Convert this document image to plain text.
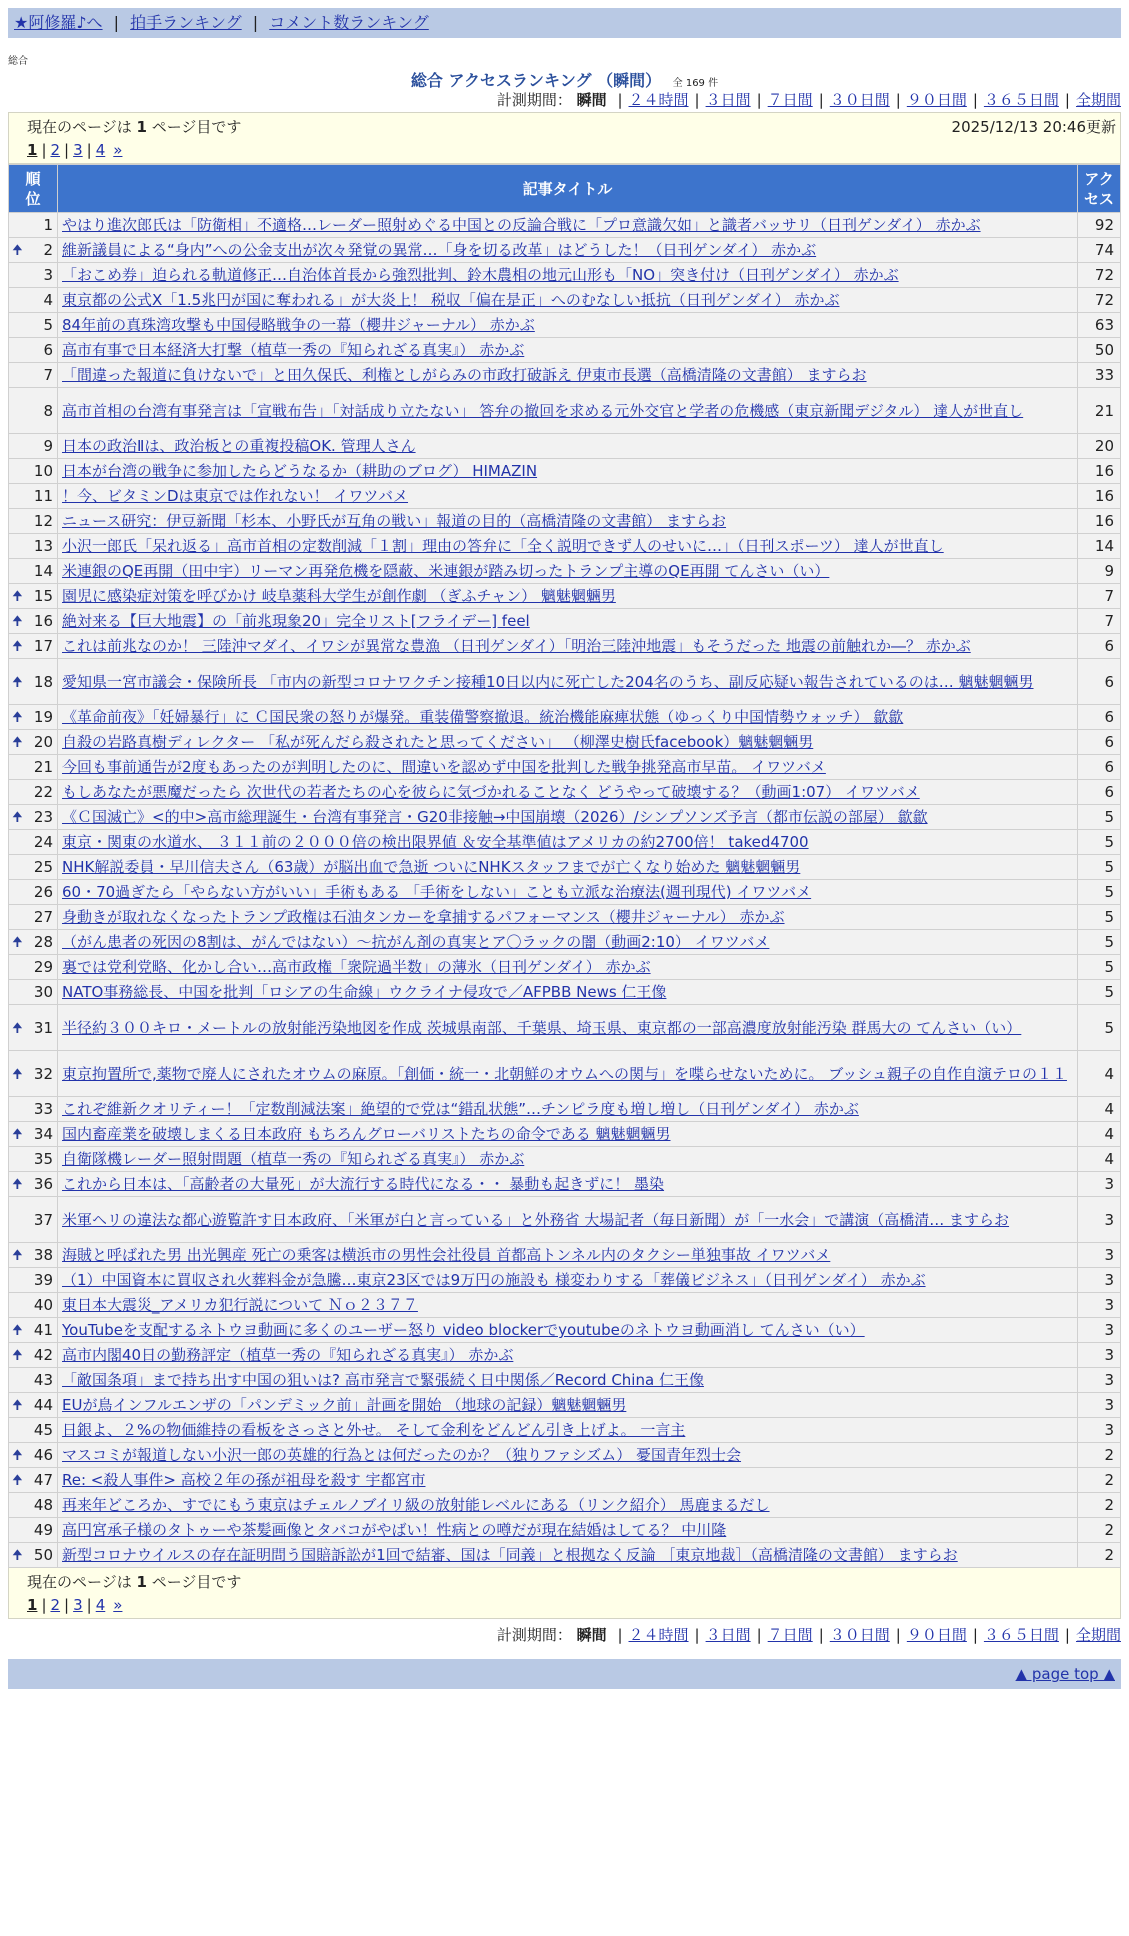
★阿修羅♪へ | 拍手ランキング | コメント数ランキング
総合
総合 アクセスランキング （瞬間） 全 169 件
計測期間： 瞬間 | ２４時間 | ３日間 | ７日間 | ３０日間 | ９０日間 | ３６５日間 | 全期間
現在のページは 1 ページ目です	2025/12/13 20:46更新
1 | 2 | 3 | 4 »
順位	記事タイトル	アクセス
1	やはり進次郎氏は「防衛相」不適格…レーダー照射めぐる中国との反論合戦に「プロ意識欠如」と識者バッサリ（日刊ゲンダイ） 赤かぶ	92

🠉 2	維新議員による“身内”への公金支出が次々発覚の異常…「身を切る改革」はどうした！（日刊ゲンダイ） 赤かぶ	74
3	「おこめ券」迫られる軌道修正…自治体首長から強烈批判、鈴木農相の地元山形も「NO」突き付け（日刊ゲンダイ） 赤かぶ	72
4	東京都の公式X「1.5兆円が国に奪われる」が大炎上！ 税収「偏在是正」へのむなしい抵抗（日刊ゲンダイ） 赤かぶ	72
5	84年前の真珠湾攻撃も中国侵略戦争の一幕（櫻井ジャーナル） 赤かぶ	63
6	高市有事で日本経済大打撃（植草一秀の『知られざる真実』） 赤かぶ	50
7	「間違った報道に負けないで」と田久保氏、利権としがらみの市政打破訴え 伊東市長選（高橋清隆の文書館） ますらお	33
8	高市首相の台湾有事発言は「宣戦布告」「対話成り立たない」 答弁の撤回を求める元外交官と学者の危機感（東京新聞デジタル） 達人が世直し	21
9	日本の政治Ⅱは、政治板との重複投稿OK. 管理人さん	20
10	日本が台湾の戦争に参加したらどうなるか（耕助のブログ） HIMAZIN	16
11	！今、ビタミンDは東京では作れない！ イワツバメ	16
12	ニュース研究：伊豆新聞「杉本、小野氏が互角の戦い」報道の目的（高橋清隆の文書館） ますらお	16
13	小沢一郎氏「呆れ返る」高市首相の定数削減「１割」理由の答弁に「全く説明できず人のせいに…」（日刊スポーツ） 達人が世直し	14
14	米連銀のQE再開（田中宇）リーマン再発危機を隠蔽、米連銀が踏み切ったトランプ主導のQE再開 てんさい（い）	9

🠉 15	園児に感染症対策を呼びかけ 岐阜薬科大学生が創作劇 （ぎふチャン） 魑魅魍魎男	7

🠉 16	絶対来る【巨大地震】の「前兆現象20」完全リスト[フライデー] feel	7

🠉 17	これは前兆なのか！ 三陸沖マダイ、イワシが異常な豊漁 （日刊ゲンダイ）「明治三陸沖地震」もそうだった 地震の前触れか―？ 赤かぶ	6

🠉 18	愛知県一宮市議会・保険所長 「市内の新型コロナワクチン接種10日以内に死亡した204名のうち、副反応疑い報告されているのは… 魑魅魍魎男	6

🠉 19	《革命前夜》「妊婦暴行」に Ｃ国民衆の怒りが爆発。重装備警察撤退。統治機能麻痺状態（ゆっくり中国情勢ウォッチ） 歙歙	6

🠉 20	自殺の岩路真樹ディレクター 「私が死んだら殺されたと思ってください」 （柳澤史樹氏facebook）魑魅魍魎男	6
21	今回も事前通告が2度もあったのが判明したのに、間違いを認めず中国を批判した戦争挑発高市早苗。 イワツバメ	6
22	もしあなたが悪魔だったら 次世代の若者たちの心を彼らに気づかれることなく どうやって破壊する？（動画1:07） イワツバメ	6

🠉 23	《Ｃ国滅亡》<的中>高市総理誕生・台湾有事発言・G20非接触→中国崩壊（2026）/シンプソンズ予言（都市伝説の部屋） 歙歙	5
24	東京・関東の水道水、 ３１１前の２０００倍の検出限界値 ＆安全基準値はアメリカの約2700倍！ taked4700	5
25	NHK解説委員・早川信夫さん（63歳）が脳出血で急逝 ついにNHKスタッフまでが亡くなり始めた 魑魅魍魎男	5
26	60・70過ぎたら「やらない方がいい」手術もある 「手術をしない」ことも立派な治療法(週刊現代) イワツバメ	5
27	身動きが取れなくなったトランプ政権は石油タンカーを拿捕するパフォーマンス（櫻井ジャーナル） 赤かぶ	5

🠉 28	（がん患者の死因の8割は、がんではない）～抗がん剤の真実とア〇ラックの闇（動画2:10） イワツバメ	5
29	裏では党利党略、化かし合い…高市政権「衆院過半数」の薄氷（日刊ゲンダイ） 赤かぶ	5
30	NATO事務総長、中国を批判「ロシアの生命線」ウクライナ侵攻で／AFPBB News 仁王像	5

🠉 31	半径約３００キロ・メートルの放射能汚染地図を作成 茨城県南部、千葉県、埼玉県、東京都の一部高濃度放射能汚染 群馬大の てんさい（い）	5

🠉 32	東京拘置所で,薬物で廃人にされたオウムの麻原。「創価・統一・北朝鮮のオウムへの関与」を喋らせないために。 ブッシュ親子の自作自演テロの１１	4
33	これぞ維新クオリティー！「定数削減法案」絶望的で党は“錯乱状態”…チンピラ度も増し増し（日刊ゲンダイ） 赤かぶ	4

🠉 34	国内畜産業を破壊しまくる日本政府 もちろんグローバリストたちの命令である 魑魅魍魎男	4
35	自衛隊機レーダー照射問題（植草一秀の『知られざる真実』） 赤かぶ	4

🠉 36	これから日本は、「高齢者の大量死」が大流行する時代になる・・ 暴動も起きずに！ 墨染	3
37	米軍ヘリの違法な都心遊覧許す日本政府、「米軍が白と言っている」と外務省 大場記者（毎日新聞）が「一水会」で講演（高橋清… ますらお	3

🠉 38	海賊と呼ばれた男 出光興産 死亡の乗客は横浜市の男性会社役員 首都高トンネル内のタクシー単独事故 イワツバメ	3
39	（1）中国資本に買収され火葬料金が急騰…東京23区では9万円の施設も 様変わりする「葬儀ビジネス」（日刊ゲンダイ） 赤かぶ	3
40	東日本大震災_アメリカ犯行説について Ｎｏ２３７７	3

🠉 41	YouTubeを支配するネトウヨ動画に多くのユーザー怒り video blockerでyoutubeのネトウヨ動画消し てんさい（い）	3

🠉 42	高市内閣40日の勤務評定（植草一秀の『知られざる真実』） 赤かぶ	3
43	「敵国条項」まで持ち出す中国の狙いは? 高市発言で緊張続く日中関係／Record China 仁王像	3

🠉 44	EUが鳥インフルエンザの「パンデミック前」計画を開始 （地球の記録）魑魅魍魎男	3
45	日銀よ、２%の物価維持の看板をさっさと外せ。 そして金利をどんどん引き上げよ。 一言主	3

🠉 46	マスコミが報道しない小沢一郎の英雄的行為とは何だったのか？（独りファシズム） 憂国青年烈士会	2

🠉 47	Re: <殺人事件> 高校２年の孫が祖母を殺す 宇都宮市	2
48	再来年どころか、すでにもう東京はチェルノブイリ級の放射能レベルにある（リンク紹介） 馬鹿まるだし	2
49	高円宮承子様のタトゥーや茶髪画像とタバコがやばい！性病との噂だが現在結婚はしてる？ 中川隆	2

🠉 50	新型コロナウイルスの存在証明問う国賠訴訟が1回で結審、国は「同義」と根拠なく反論 ［東京地裁］（高橋清隆の文書館） ますらお	2
現在のページは 1 ページ目です
1 | 2 | 3 | 4 »
計測期間： 瞬間 | ２４時間 | ３日間 | ７日間 | ３０日間 | ９０日間 | ３６５日間 | 全期間
▲ page top ▲
